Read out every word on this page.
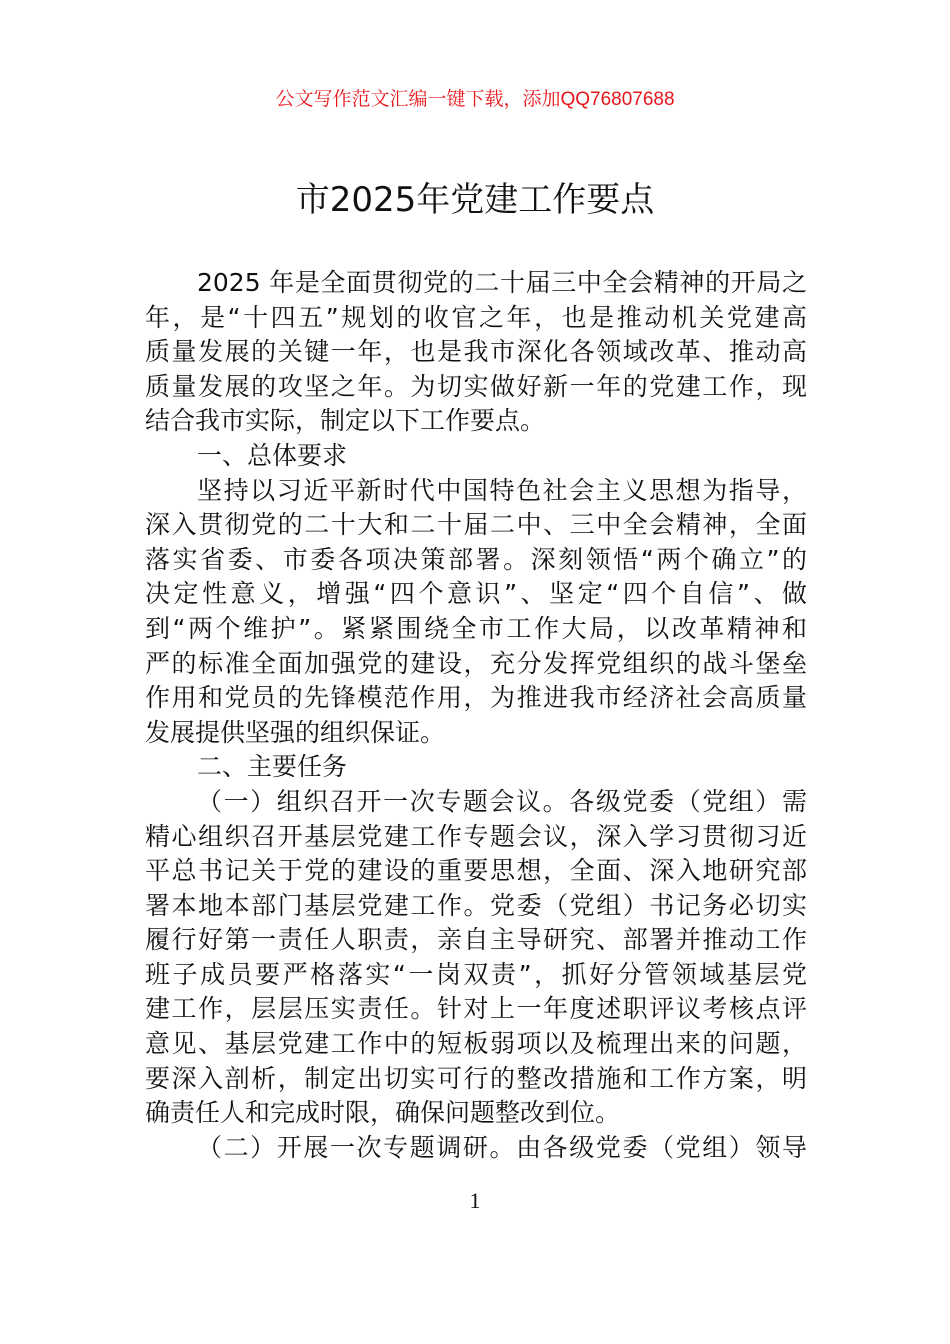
公文写作范文汇编一键下载，添加QQ76807688
市2025年党建工作要点
2025 年是全面贯彻党的二十届三中全会精神的开局之
年，是“十四五”规划的收官之年，也是推动机关党建高
质量发展的关键一年，也是我市深化各领域改革、推动高
质量发展的攻坚之年。为切实做好新一年的党建工作，现
结合我市实际，制定以下工作要点。
一、总体要求
坚持以习近平新时代中国特色社会主义思想为指导，
深入贯彻党的二十大和二十届二中、三中全会精神，全面
落实省委、市委各项决策部署。深刻领悟“两个确立”的
决定性意义，增强“四个意识”、坚定“四个自信”、做
到“两个维护”。紧紧围绕全市工作大局，以改革精神和
严的标准全面加强党的建设，充分发挥党组织的战斗堡垒
作用和党员的先锋模范作用，为推进我市经济社会高质量
发展提供坚强的组织保证。
二、主要任务
（一）组织召开一次专题会议。各级党委（党组）需
精心组织召开基层党建工作专题会议，深入学习贯彻习近
平总书记关于党的建设的重要思想，全面、深入地研究部
署本地本部门基层党建工作。党委（党组）书记务必切实
履行好第一责任人职责，亲自主导研究、部署并推动工作
班子成员要严格落实“一岗双责”，抓好分管领域基层党
建工作，层层压实责任。针对上一年度述职评议考核点评
意见、基层党建工作中的短板弱项以及梳理出来的问题，
要深入剖析，制定出切实可行的整改措施和工作方案，明
确责任人和完成时限，确保问题整改到位。
（二）开展一次专题调研。由各级党委（党组）领导
1
